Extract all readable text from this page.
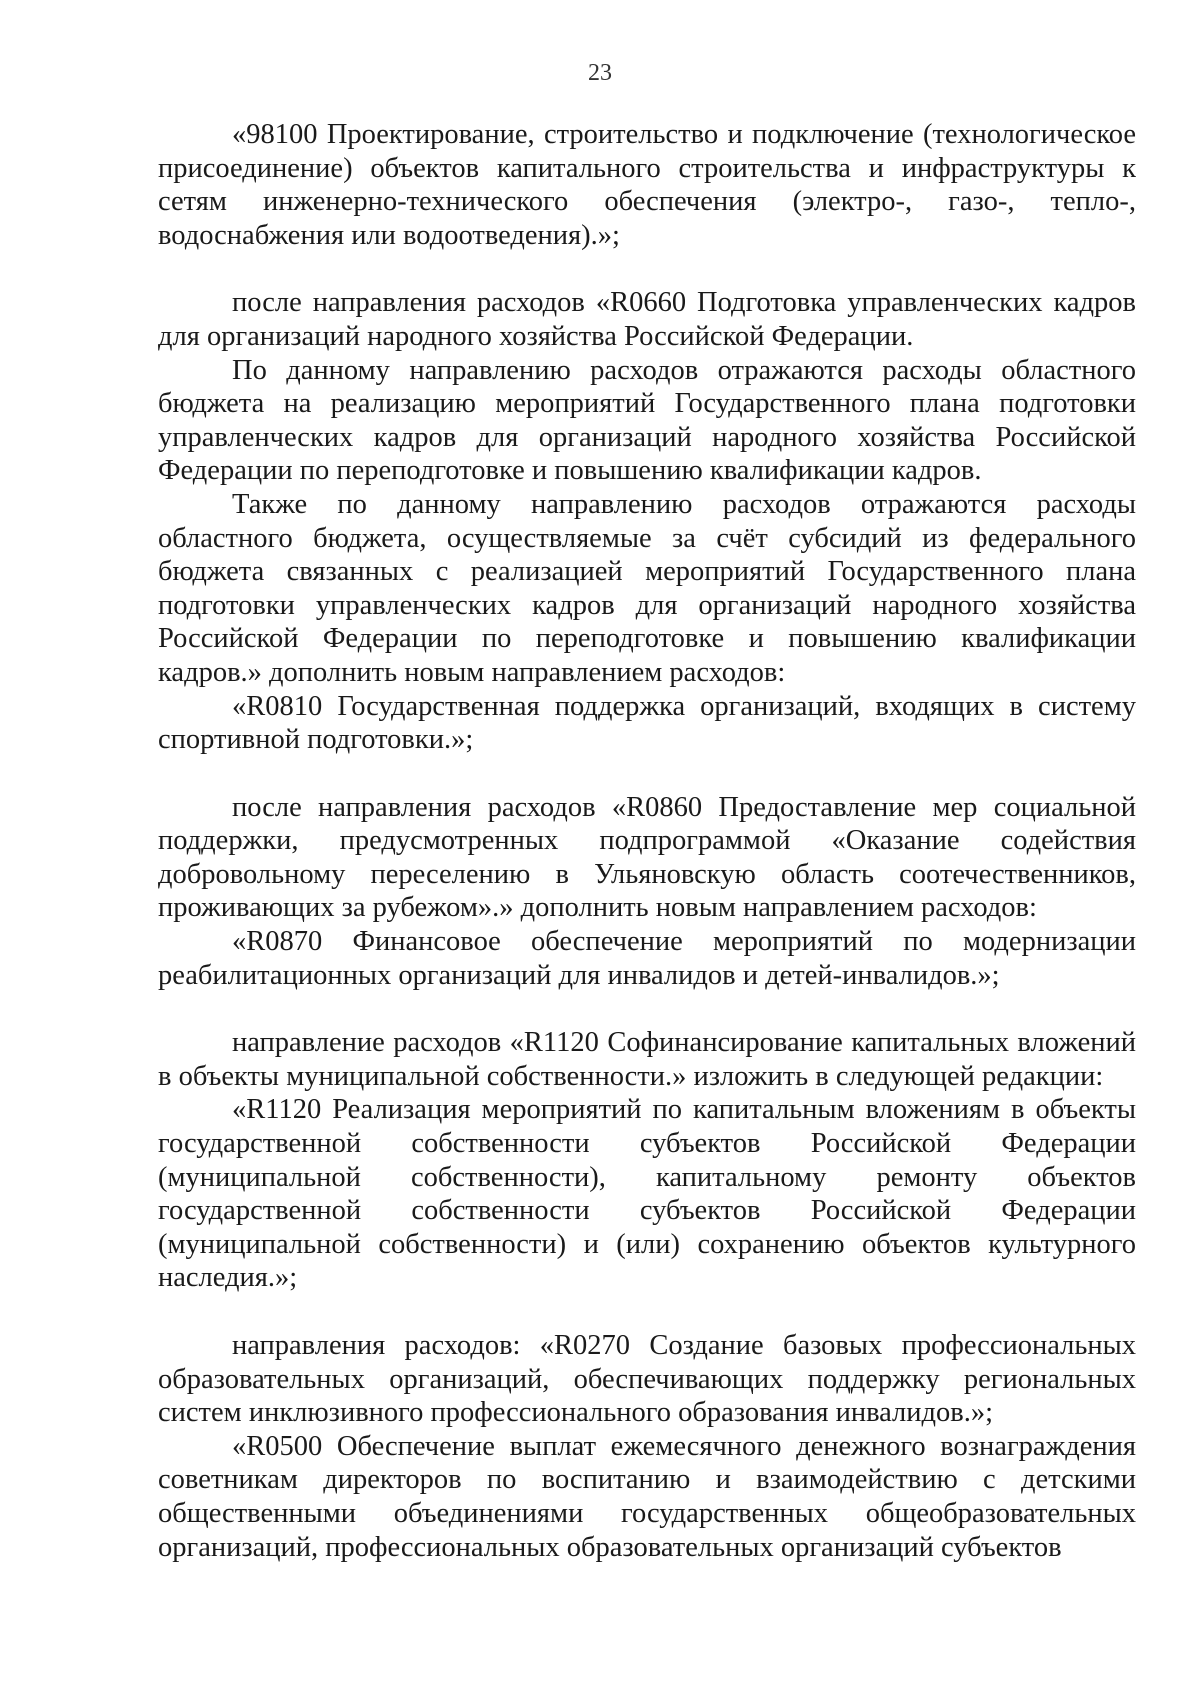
23

«98100 Проектирование, строительство и подключение (технологическое присоединение) объектов капитального строительства и инфраструктуры к сетям инженерно-технического обеспечения (электро-, газо-, тепло-, водоснабжения или водоотведения).»;

после направления расходов «R0660 Подготовка управленческих кадров для организаций народного хозяйства Российской Федерации.

По данному направлению расходов отражаются расходы областного бюджета на реализацию мероприятий Государственного плана подготовки управленческих кадров для организаций народного хозяйства Российской Федерации по переподготовке и повышению квалификации кадров.

Также по данному направлению расходов отражаются расходы областного бюджета, осуществляемые за счёт субсидий из федерального бюджета связанных с реализацией мероприятий Государственного плана подготовки управленческих кадров для организаций народного хозяйства Российской Федерации по переподготовке и повышению квалификации кадров.» дополнить новым направлением расходов:

«R0810 Государственная поддержка организаций, входящих в систему спортивной подготовки.»;

после направления расходов «R0860 Предоставление мер социальной поддержки, предусмотренных подпрограммой «Оказание содействия добровольному переселению в Ульяновскую область соотечественников, проживающих за рубежом».» дополнить новым направлением расходов:

«R0870 Финансовое обеспечение мероприятий по модернизации реабилитационных организаций для инвалидов и детей-инвалидов.»;

направление расходов «R1120 Софинансирование капитальных вложений в объекты муниципальной собственности.» изложить в следующей редакции:

«R1120 Реализация мероприятий по капитальным вложениям в объекты государственной собственности субъектов Российской Федерации (муниципальной собственности), капитальному ремонту объектов государственной собственности субъектов Российской Федерации (муниципальной собственности) и (или) сохранению объектов культурного наследия.»;

направления расходов: «R0270 Создание базовых профессиональных образовательных организаций, обеспечивающих поддержку региональных систем инклюзивного профессионального образования инвалидов.»;

«R0500 Обеспечение выплат ежемесячного денежного вознаграждения советникам директоров по воспитанию и взаимодействию с детскими общественными объединениями государственных общеобразовательных организаций, профессиональных образовательных организаций субъектов
